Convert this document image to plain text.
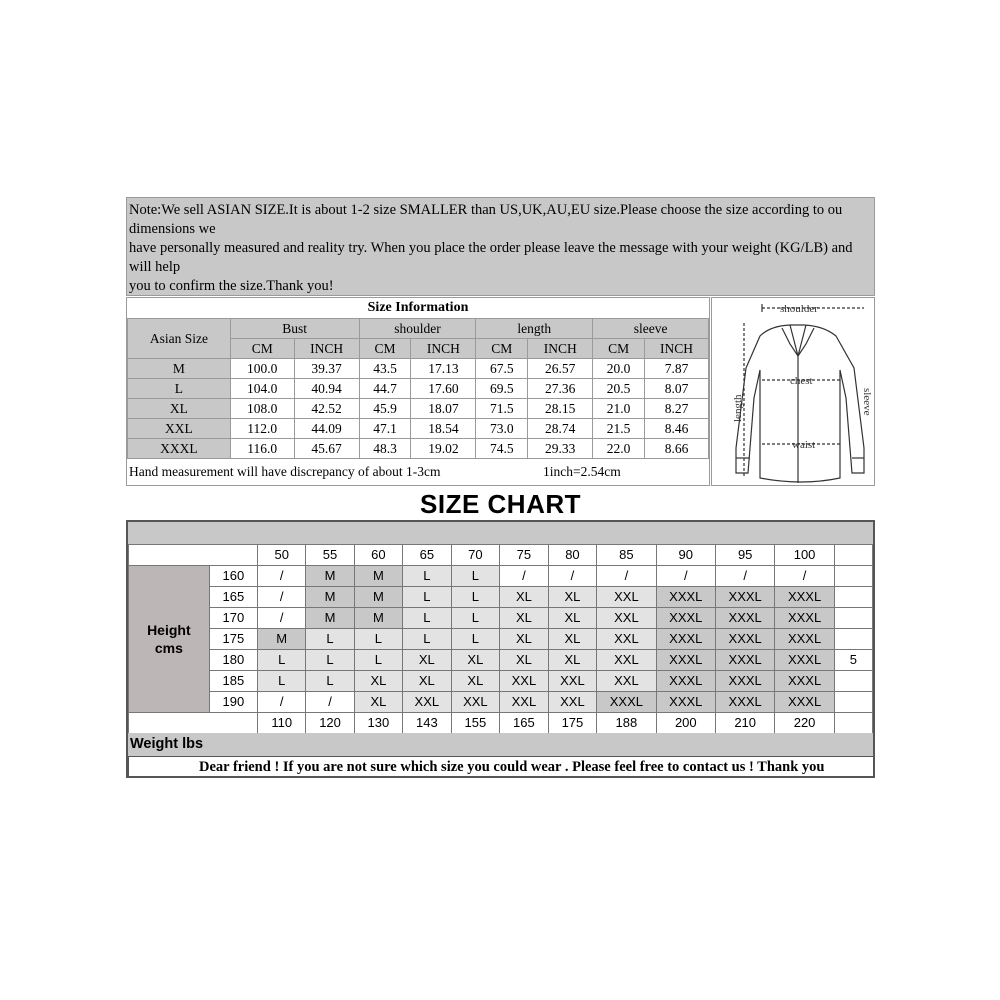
Note:We sell ASIAN SIZE.It is about 1-2 size SMALLER than US,UK,AU,EU size.Please choose the size according to ou
dimensions we
have personally measured and reality try. When you place the order please leave the message with your weight (KG/LB) and
will help
you to confirm the size.Thank you!
Size Information
Asian Size	Bust		shoulder		length		sleeve	
	CM	INCH	CM	INCH	CM	INCH	CM	INCH
M	100.0	39.37	43.5	17.13	67.5	26.57	20.0	7.87
L	104.0	40.94	44.7	17.60	69.5	27.36	20.5	8.07
XL	108.0	42.52	45.9	18.07	71.5	28.15	21.0	8.27
XXL	112.0	44.09	47.1	18.54	73.0	28.74	21.5	8.46
XXXL	116.0	45.67	48.3	19.02	74.5	29.33	22.0	8.66
Hand measurement will have discrepancy of about 1-3cm	1inch=2.54cm
shoulder
chest
waist
length	sleeve
SIZE CHART
		50	55	60	65	70	75	80	85	90	95	100	

Height
cms	160	/	M	M	L	L	/	/	/	/	/	/	
	165	/	M	M	L	L	XL	XL	XXL	XXXL	XXXL	XXXL	
	170	/	M	M	L	L	XL	XL	XXL	XXXL	XXXL	XXXL	
	175	M	L	L	L	L	XL	XL	XXL	XXXL	XXXL	XXXL	
	180	L	L	L	XL	XL	XL	XL	XXL	XXXL	XXXL	XXXL	5
	185	L	L	XL	XL	XL	XXL	XXL	XXL	XXXL	XXXL	XXXL	
	190	/	/	XL	XXL	XXL	XXL	XXL	XXXL	XXXL	XXXL	XXXL	
		110	120	130	143	155	165	175	188	200	210	220	
Weight lbs
Dear friend ! If you are not sure which size you could wear . Please feel free to contact us ! Thank you
